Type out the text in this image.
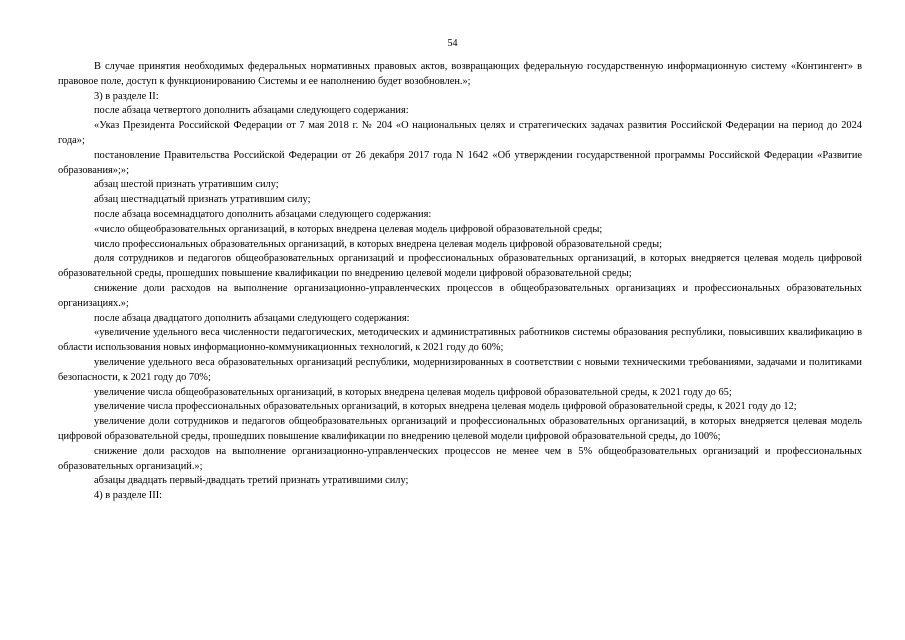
54

В случае принятия необходимых федеральных нормативных правовых актов, возвращающих федеральную государственную информационную систему «Контингент» в правовое поле, доступ к функционированию Системы и ее наполнению будет возобновлен.»;

3) в разделе II:

после абзаца четвертого дополнить абзацами следующего содержания:

«Указ Президента Российской Федерации от 7 мая 2018 г. № 204 «О национальных целях и стратегических задачах развития Российской Федерации на период до 2024 года»;

постановление Правительства Российской Федерации от 26 декабря 2017 года N 1642 «Об утверждении государственной программы Российской Федерации «Развитие образования»;»;

абзац шестой признать утратившим силу;

абзац шестнадцатый признать утратившим силу;

после абзаца восемнадцатого дополнить абзацами следующего содержания:

«число общеобразовательных организаций, в которых внедрена целевая модель цифровой образовательной среды;

число профессиональных образовательных организаций, в которых внедрена целевая модель цифровой образовательной среды;

доля сотрудников и педагогов общеобразовательных организаций и профессиональных образовательных организаций, в которых внедряется целевая модель цифровой образовательной среды, прошедших повышение квалификации по внедрению целевой модели цифровой образовательной среды;

снижение доли расходов на выполнение организационно-управленческих процессов в общеобразовательных организациях и профессиональных образовательных организациях.»;

после абзаца двадцатого дополнить абзацами следующего содержания:

«увеличение удельного веса численности педагогических, методических и административных работников системы образования республики, повысивших квалификацию в области использования новых информационно-коммуникационных технологий, к 2021 году до 60%;

увеличение удельного веса образовательных организаций республики, модернизированных в соответствии с новыми техническими требованиями, задачами и политиками безопасности, к 2021 году до 70%;

увеличение числа общеобразовательных организаций, в которых внедрена целевая модель цифровой образовательной среды, к 2021 году до 65;

увеличение числа профессиональных образовательных организаций, в которых внедрена целевая модель цифровой образовательной среды, к 2021 году до 12;

увеличение доли сотрудников и педагогов общеобразовательных организаций и профессиональных образовательных организаций, в которых внедряется целевая модель цифровой образовательной среды, прошедших повышение квалификации по внедрению целевой модели цифровой образовательной среды, до 100%;

снижение доли расходов на выполнение организационно-управленческих процессов не менее чем в 5% общеобразовательных организаций и профессиональных образовательных организаций.»;

абзацы двадцать первый-двадцать третий признать утратившими силу;

4) в разделе III:
